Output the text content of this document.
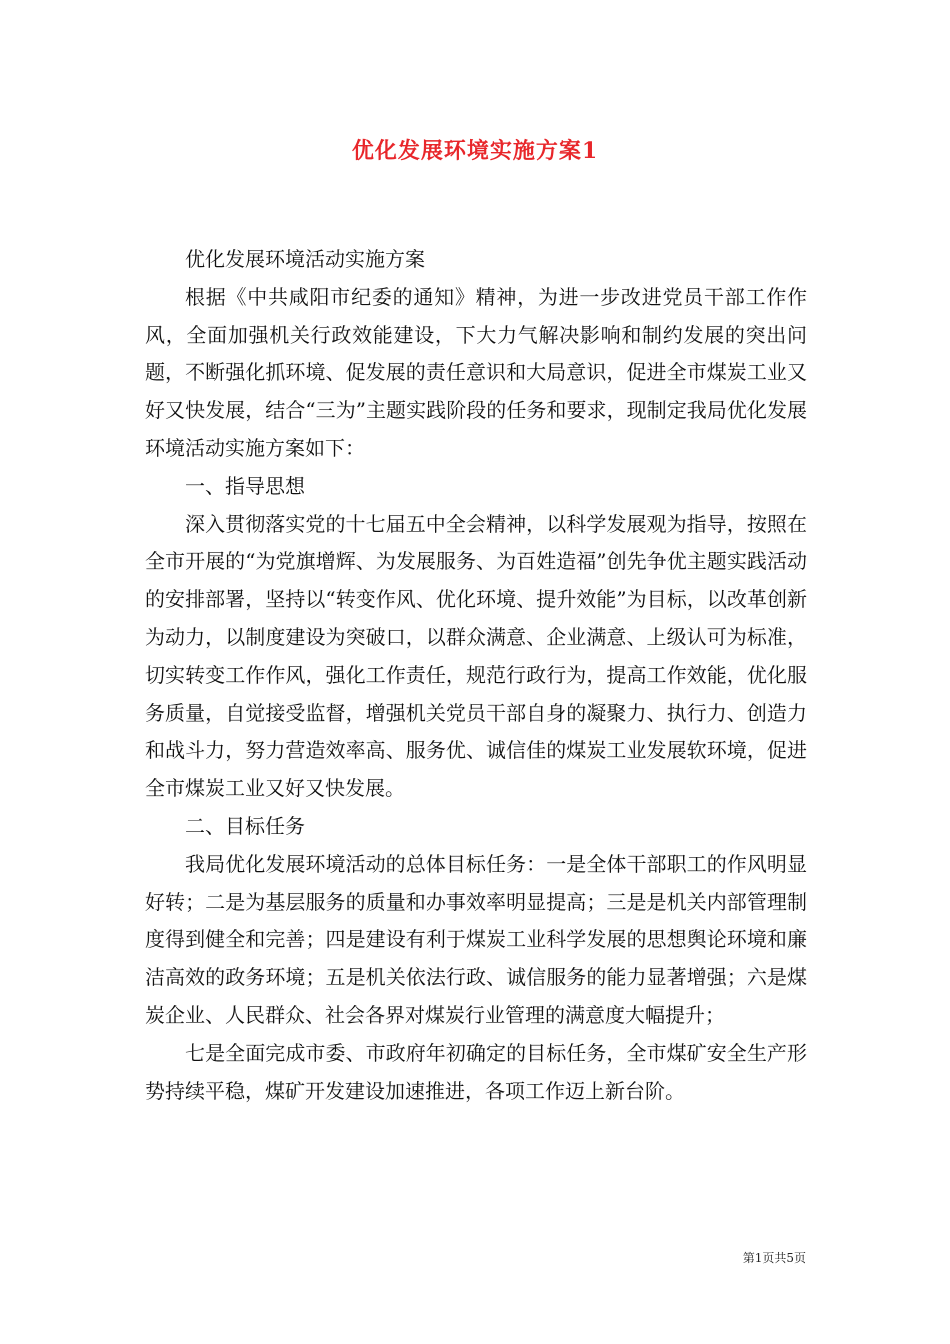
优化发展环境实施方案1

优化发展环境活动实施方案

根据《中共咸阳市纪委的通知》精神，为进一步改进党员干部工作作风，全面加强机关行政效能建设，下大力气解决影响和制约发展的突出问题，不断强化抓环境、促发展的责任意识和大局意识，促进全市煤炭工业又好又快发展，结合“三为”主题实践阶段的任务和要求，现制定我局优化发展环境活动实施方案如下：

一、指导思想

深入贯彻落实党的十七届五中全会精神，以科学发展观为指导，按照在全市开展的“为党旗增辉、为发展服务、为百姓造福”创先争优主题实践活动的安排部署，坚持以“转变作风、优化环境、提升效能”为目标，以改革创新为动力，以制度建设为突破口，以群众满意、企业满意、上级认可为标准，切实转变工作作风，强化工作责任，规范行政行为，提高工作效能，优化服务质量，自觉接受监督，增强机关党员干部自身的凝聚力、执行力、创造力和战斗力，努力营造效率高、服务优、诚信佳的煤炭工业发展软环境，促进全市煤炭工业又好又快发展。

二、目标任务

我局优化发展环境活动的总体目标任务：一是全体干部职工的作风明显好转；二是为基层服务的质量和办事效率明显提高；三是是机关内部管理制度得到健全和完善；四是建设有利于煤炭工业科学发展的思想舆论环境和廉洁高效的政务环境；五是机关依法行政、诚信服务的能力显著增强；六是煤炭企业、人民群众、社会各界对煤炭行业管理的满意度大幅提升；

七是全面完成市委、市政府年初确定的目标任务，全市煤矿安全生产形势持续平稳，煤矿开发建设加速推进，各项工作迈上新台阶。

第1页共5页
